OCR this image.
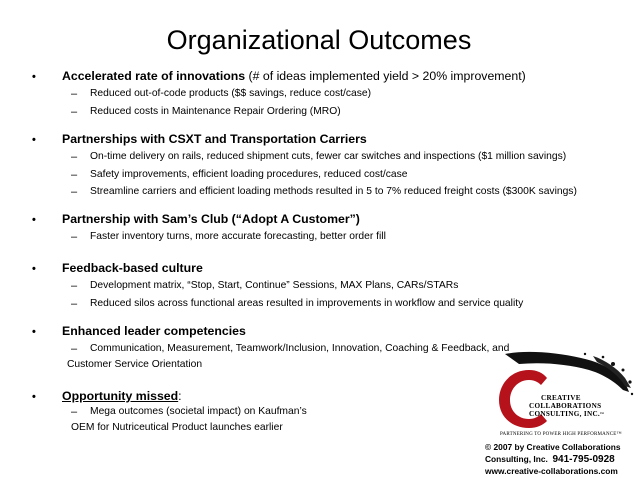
Organizational Outcomes
• Accelerated rate of innovations (# of ideas implemented yield > 20% improvement)
– Reduced out-of-code products ($$ savings, reduce cost/case)
– Reduced costs in Maintenance Repair Ordering (MRO)
• Partnerships with CSXT and Transportation Carriers
– On-time delivery on rails, reduced shipment cuts, fewer car switches and inspections ($1 million savings)
– Safety improvements, efficient loading procedures, reduced cost/case
– Streamline carriers and efficient loading methods resulted in 5 to 7% reduced freight costs ($300K savings)
• Partnership with Sam’s Club (“Adopt A Customer”)
– Faster inventory turns, more accurate forecasting, better order fill
• Feedback-based culture
– Development matrix, “Stop, Start, Continue” Sessions, MAX Plans, CARs/STARs
– Reduced silos across functional areas resulted in improvements in workflow and service quality
• Enhanced leader competencies
– Communication, Measurement, Teamwork/Inclusion, Innovation, Coaching & Feedback, and
Customer Service Orientation
• Opportunity missed:
– Mega outcomes (societal impact) on Kaufman’s
OEM for Nutriceutical Product launches earlier
CREATIVE
COLLABORATIONS
CONSULTING, INC.™
PARTNERING TO POWER HIGH PERFORMANCE™
© 2007 by Creative Collaborations
Consulting, Inc. 941-795-0928
www.creative-collaborations.com
